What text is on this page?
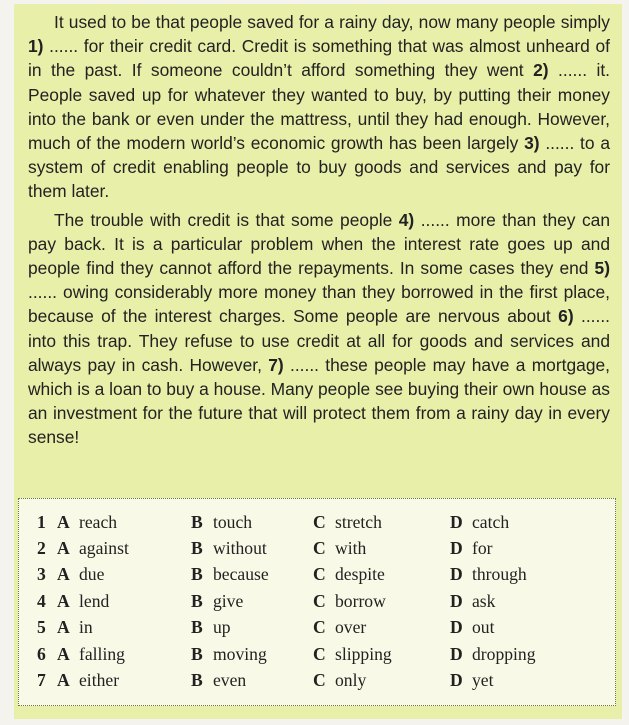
It used to be that people saved for a rainy day, now many people simply 1) ...... for their credit card. Credit is something that was almost unheard of in the past. If someone couldn’t afford something they went 2) ...... it. People saved up for whatever they wanted to buy, by putting their money into the bank or even under the mattress, until they had enough. However, much of the modern world’s economic growth has been largely 3) ...... to a system of credit enabling people to buy goods and services and pay for them later.

The trouble with credit is that some people 4) ...... more than they can pay back. It is a particular problem when the interest rate goes up and people find they cannot afford the repayments. In some cases they end 5) ...... owing considerably more money than they borrowed in the first place, because of the interest charges. Some people are nervous about 6) ...... into this trap. They refuse to use credit at all for goods and services and always pay in cash. However, 7) ...... these people may have a mortgage, which is a loan to buy a house. Many people see buying their own house as an investment for the future that will protect them from a rainy day in every sense!

1	A	reach	B	touch	C	stretch	D	catch
2	A	against	B	without	C	with	D	for
3	A	due	B	because	C	despite	D	through
4	A	lend	B	give	C	borrow	D	ask
5	A	in	B	up	C	over	D	out
6	A	falling	B	moving	C	slipping	D	dropping
7	A	either	B	even	C	only	D	yet
